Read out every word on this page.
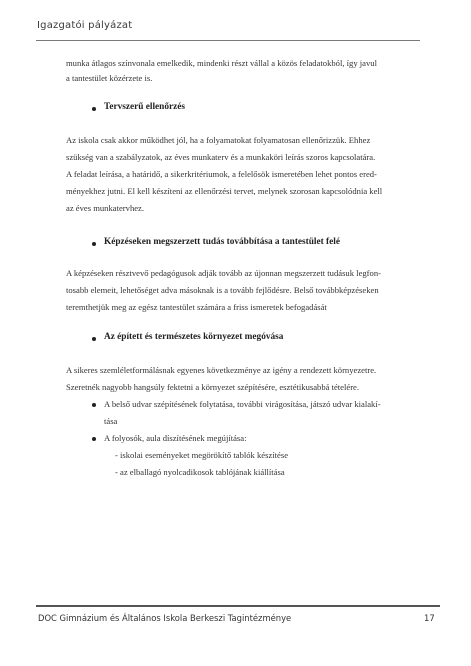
Igazgatói pályázat
munka átlagos színvonala emelkedik, mindenki részt vállal a közös feladatokból, így javul
a tantestület közérzete is.
Tervszerű ellenőrzés
Az iskola csak akkor működhet jól, ha a folyamatokat folyamatosan ellenőrizzük. Ehhez
szükség van a szabályzatok, az éves munkaterv és a munkaköri leírás szoros kapcsolatára.
A feladat leírása, a határidő, a sikerkritériumok, a felelősök ismeretében lehet pontos ered-
ményekhez jutni. El kell készíteni az ellenőrzési tervet, melynek szorosan kapcsolódnia kell
az éves munkatervhez.
Képzéseken megszerzett tudás továbbítása a tantestület felé
A képzéseken résztvevő pedagógusok adják tovább az újonnan megszerzett tudásuk legfon-
tosabb elemeit, lehetőséget adva másoknak is a tovább fejlődésre. Belső továbbképzéseken
teremthetjük meg az egész tantestület számára a friss ismeretek befogadását
Az épített és természetes környezet megóvása
A sikeres szemléletformálásnak egyenes következménye az igény a rendezett környezetre.
Szeretnék nagyobb hangsúly fektetni a környezet szépítésére, esztétikusabbá tételére.
A belső udvar szépítésének folytatása, további virágosítása, játszó udvar kialakí-
tása
A folyosók, aula díszítésének megújítása:
- iskolai eseményeket megörökítő tablók készítése
- az elballagó nyolcadikosok tablójának kiállítása
DOC Gimnázium és Általános Iskola Berkeszi Tagintézménye	17
